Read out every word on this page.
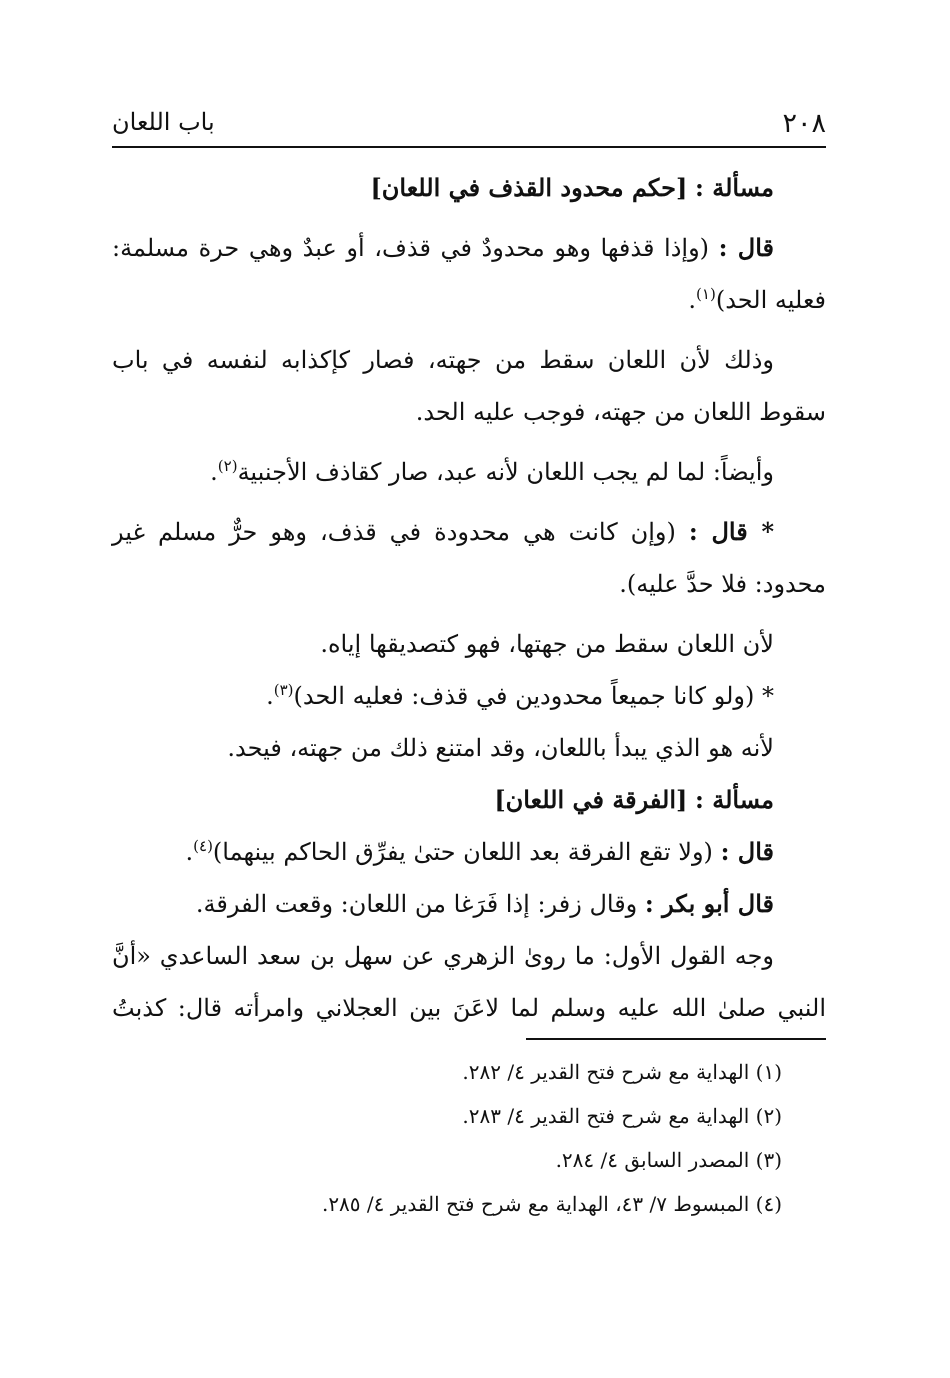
٢٠٨
باب اللعان

مسألة : [حكم محدود القذف في اللعان]

قال : (وإذا قذفها وهو محدودٌ في قذف، أو عبدٌ وهي حرة مسلمة:

فعليه الحد)$^{(١)}$.

وذلك لأن اللعان سقط من جهته، فصار كإكذابه لنفسه في باب

سقوط اللعان من جهته، فوجب عليه الحد.

وأيضاً: لما لم يجب اللعان لأنه عبد، صار كقاذف الأجنبية$^{(٢)}$.

* قال : (وإن كانت هي محدودة في قذف، وهو حرٌّ مسلم غير

محدود: فلا حدَّ عليه).

لأن اللعان سقط من جهتها، فهو كتصديقها إياه.

* (ولو كانا جميعاً محدودين في قذف: فعليه الحد)$^{(٣)}$.

لأنه هو الذي يبدأ باللعان، وقد امتنع ذلك من جهته، فيحد.

مسألة : [الفرقة في اللعان]

قال : (ولا تقع الفرقة بعد اللعان حتىٰ يفرِّق الحاكم بينهما)$^{(٤)}$.

قال أبو بكر : وقال زفر: إذا فَرَغا من اللعان: وقعت الفرقة.

وجه القول الأول: ما رویٰ الزهري عن سهل بن سعد الساعدي «أنَّ

النبي صلىٰ الله عليه وسلم لما لاعَنَ بين العجلاني وامرأته قال: كذبتُ

(١) الهداية مع شرح فتح القدير ٤/ ٢٨٢.

(٢) الهداية مع شرح فتح القدير ٤/ ٢٨٣.

(٣) المصدر السابق ٤/ ٢٨٤.

(٤) المبسوط ٧/ ٤٣، الهداية مع شرح فتح القدير ٤/ ٢٨٥.
